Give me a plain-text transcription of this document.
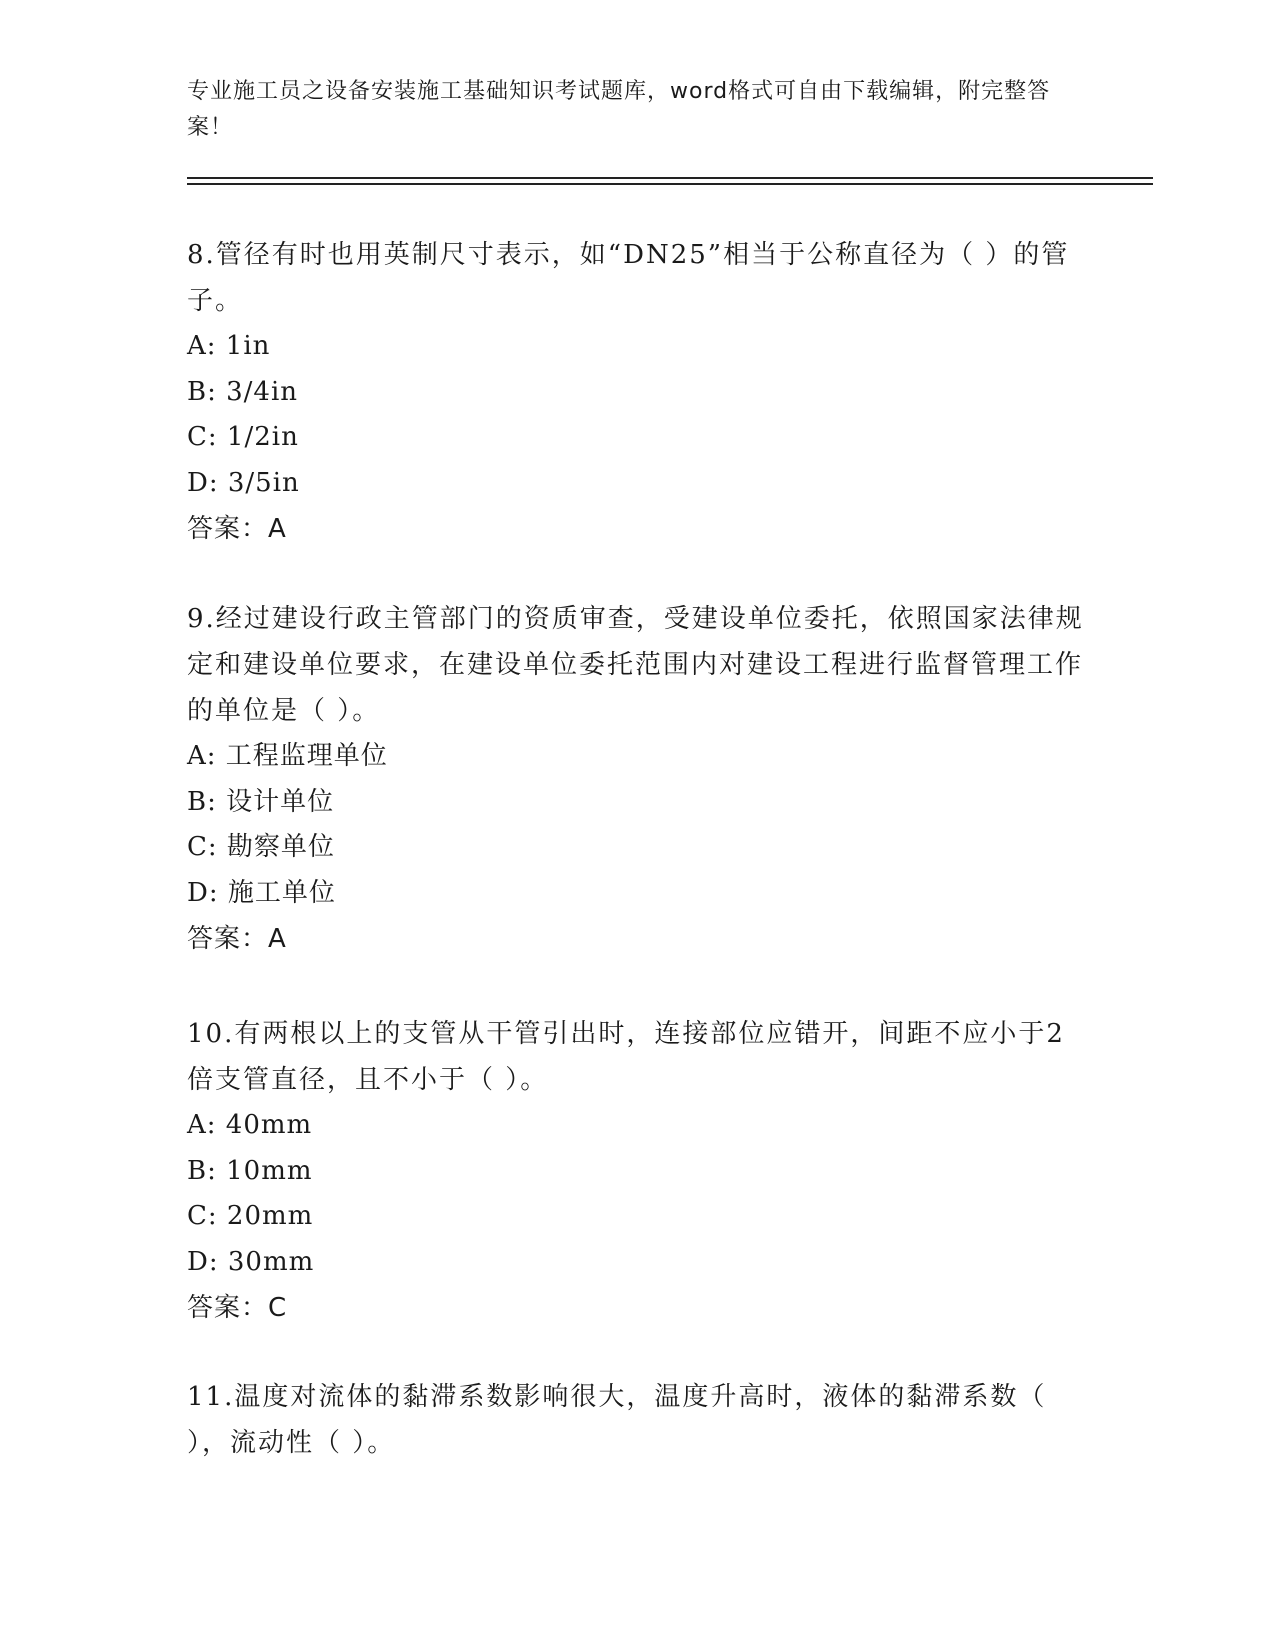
专业施工员之设备安装施工基础知识考试题库，word格式可自由下载编辑，附完整答案！
8.管径有时也用英制尺寸表示，如“DN25”相当于公称直径为（ ）的管子。
A: 1in
B: 3/4in
C: 1/2in
D: 3/5in
答案：A
9.经过建设行政主管部门的资质审查，受建设单位委托，依照国家法律规定和建设单位要求，在建设单位委托范围内对建设工程进行监督管理工作的单位是（ ）。
A: 工程监理单位
B: 设计单位
C: 勘察单位
D: 施工单位
答案：A
10.有两根以上的支管从干管引出时，连接部位应错开，间距不应小于2倍支管直径，且不小于（ ）。
A: 40mm
B: 10mm
C: 20mm
D: 30mm
答案：C
11.温度对流体的黏滞系数影响很大，温度升高时，液体的黏滞系数（ ），流动性（ ）。
